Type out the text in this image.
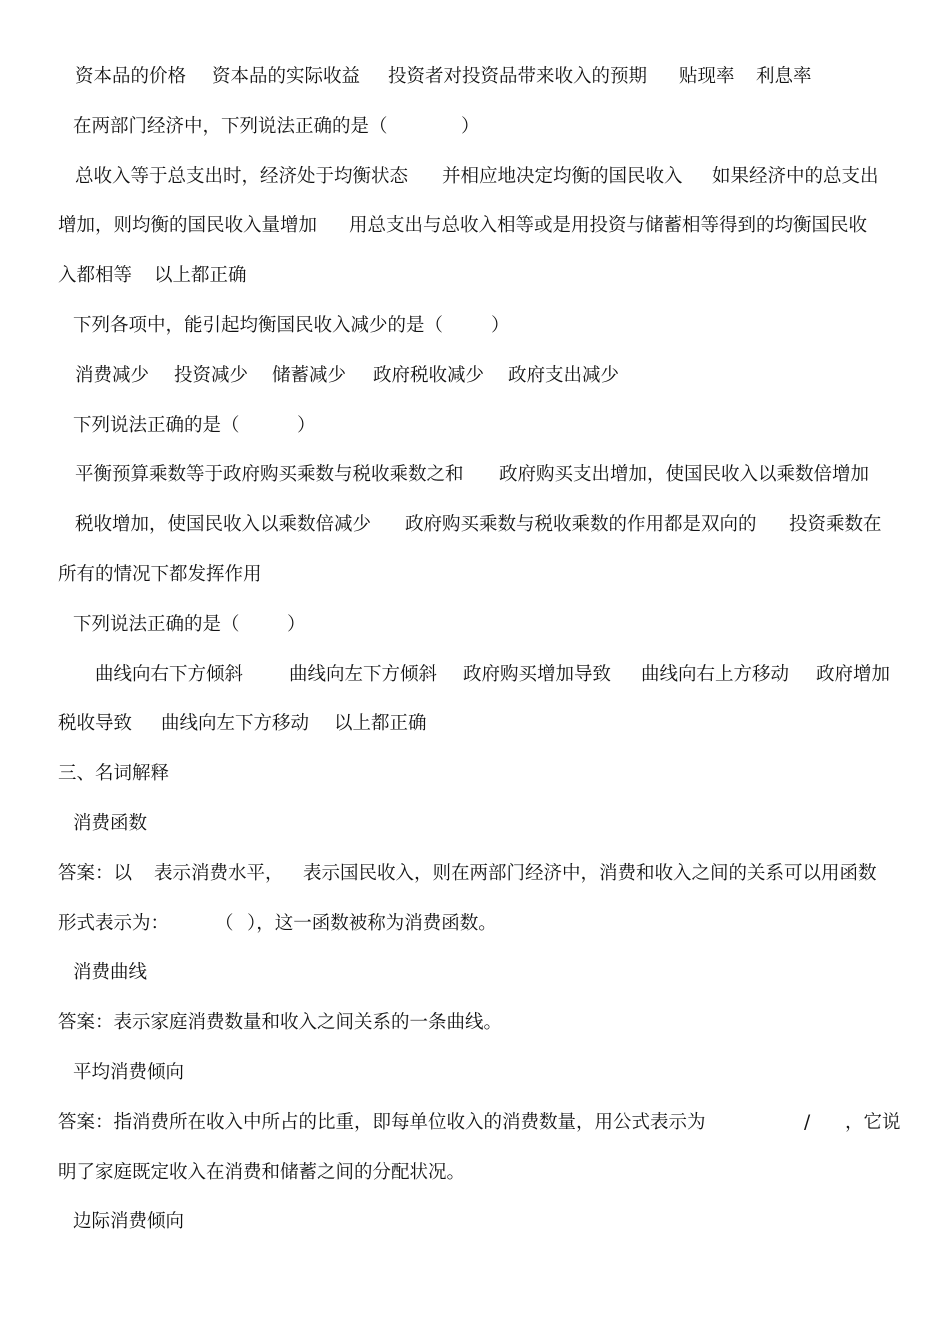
资本品的价格 资本品的实际收益 投资者对投资品带来收入的预期 贴现率 利息率
在两部门经济中，下列说法正确的是（	）
总收入等于总支出时，经济处于均衡状态 并相应地决定均衡的国民收入 如果经济中的总支出
增加，则均衡的国民收入量增加 用总支出与总收入相等或是用投资与储蓄相等得到的均衡国民收
入都相等 以上都正确
下列各项中，能引起均衡国民收入减少的是（	）
消费减少 投资减少 储蓄减少 政府税收减少 政府支出减少
下列说法正确的是（	）
平衡预算乘数等于政府购买乘数与税收乘数之和 政府购买支出增加，使国民收入以乘数倍增加
税收增加，使国民收入以乘数倍减少 政府购买乘数与税收乘数的作用都是双向的 投资乘数在
所有的情况下都发挥作用
下列说法正确的是（	）
曲线向右下方倾斜 曲线向左下方倾斜 政府购买增加导致 曲线向右上方移动 政府增加
税收导致 曲线向左下方移动 以上都正确
三、名词解释
消费函数
答案：以 表示消费水平， 表示国民收入，则在两部门经济中，消费和收入之间的关系可以用函数
形式表示为： （ ），这一函数被称为消费函数。
消费曲线
答案：表示家庭消费数量和收入之间关系的一条曲线。
平均消费倾向
答案：指消费所在收入中所占的比重，即每单位收入的消费数量，用公式表示为	/ ，它说
明了家庭既定收入在消费和储蓄之间的分配状况。
边际消费倾向
